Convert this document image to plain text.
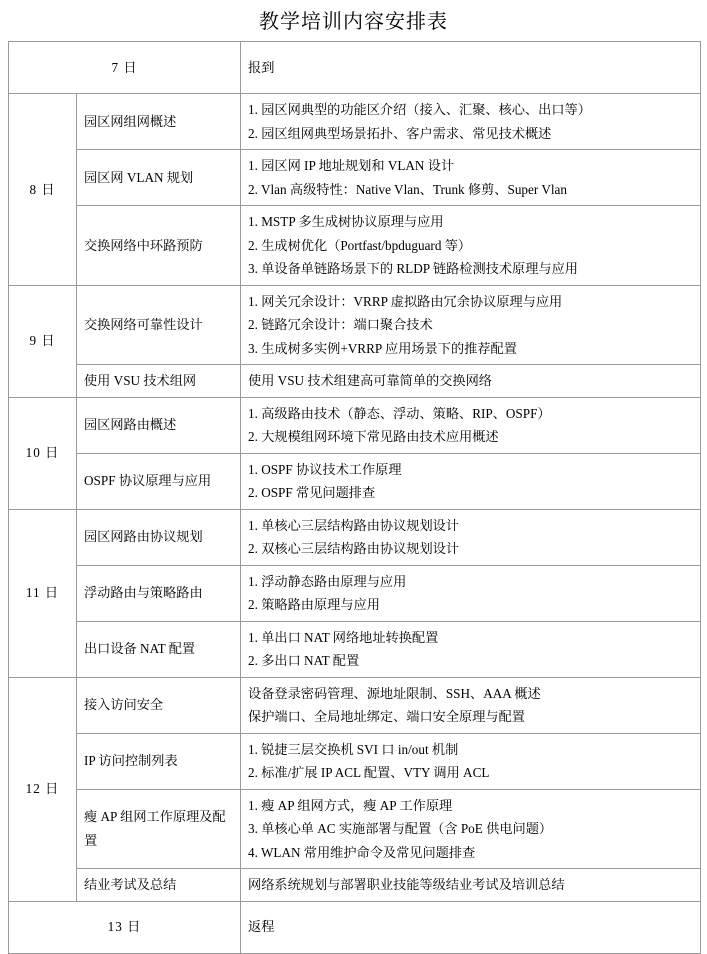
教学培训内容安排表
7 日		报到

8 日	园区网组网概述	1. 园区网典型的功能区介绍（接入、汇聚、核心、出口等）
2. 园区组网典型场景拓扑、客户需求、常见技术概述

	园区网 VLAN 规划	1. 园区网 IP 地址规划和 VLAN 设计
2. Vlan 高级特性：Native Vlan、Trunk 修剪、Super Vlan

	交换网络中环路预防	1. MSTP 多生成树协议原理与应用
2. 生成树优化（Portfast/bpduguard 等）
3. 单设备单链路场景下的 RLDP 链路检测技术原理与应用

9 日	交换网络可靠性设计	1. 网关冗余设计：VRRP 虚拟路由冗余协议原理与应用
2. 链路冗余设计：端口聚合技术
3. 生成树多实例+VRRP 应用场景下的推荐配置

	使用 VSU 技术组网	使用 VSU 技术组建高可靠简单的交换网络

10 日	园区网路由概述	1. 高级路由技术（静态、浮动、策略、RIP、OSPF）
2. 大规模组网环境下常见路由技术应用概述

	OSPF 协议原理与应用	1. OSPF 协议技术工作原理
2. OSPF 常见问题排查

11 日	园区网路由协议规划	1. 单核心三层结构路由协议规划设计
2. 双核心三层结构路由协议规划设计

	浮动路由与策略路由	1. 浮动静态路由原理与应用
2. 策略路由原理与应用

	出口设备 NAT 配置	1. 单出口 NAT 网络地址转换配置
2. 多出口 NAT 配置

12 日	接入访问安全	设备登录密码管理、源地址限制、SSH、AAA 概述
保护端口、全局地址绑定、端口安全原理与配置

	IP 访问控制列表	1. 锐捷三层交换机 SVI 口 in/out 机制
2. 标准/扩展 IP ACL 配置、VTY 调用 ACL

	瘦 AP 组网工作原理及配置	1. 瘦 AP 组网方式，瘦 AP 工作原理
3. 单核心单 AC 实施部署与配置（含 PoE 供电问题）
4. WLAN 常用维护命令及常见问题排查

	结业考试及总结	网络系统规划与部署职业技能等级结业考试及培训总结

13 日		返程
